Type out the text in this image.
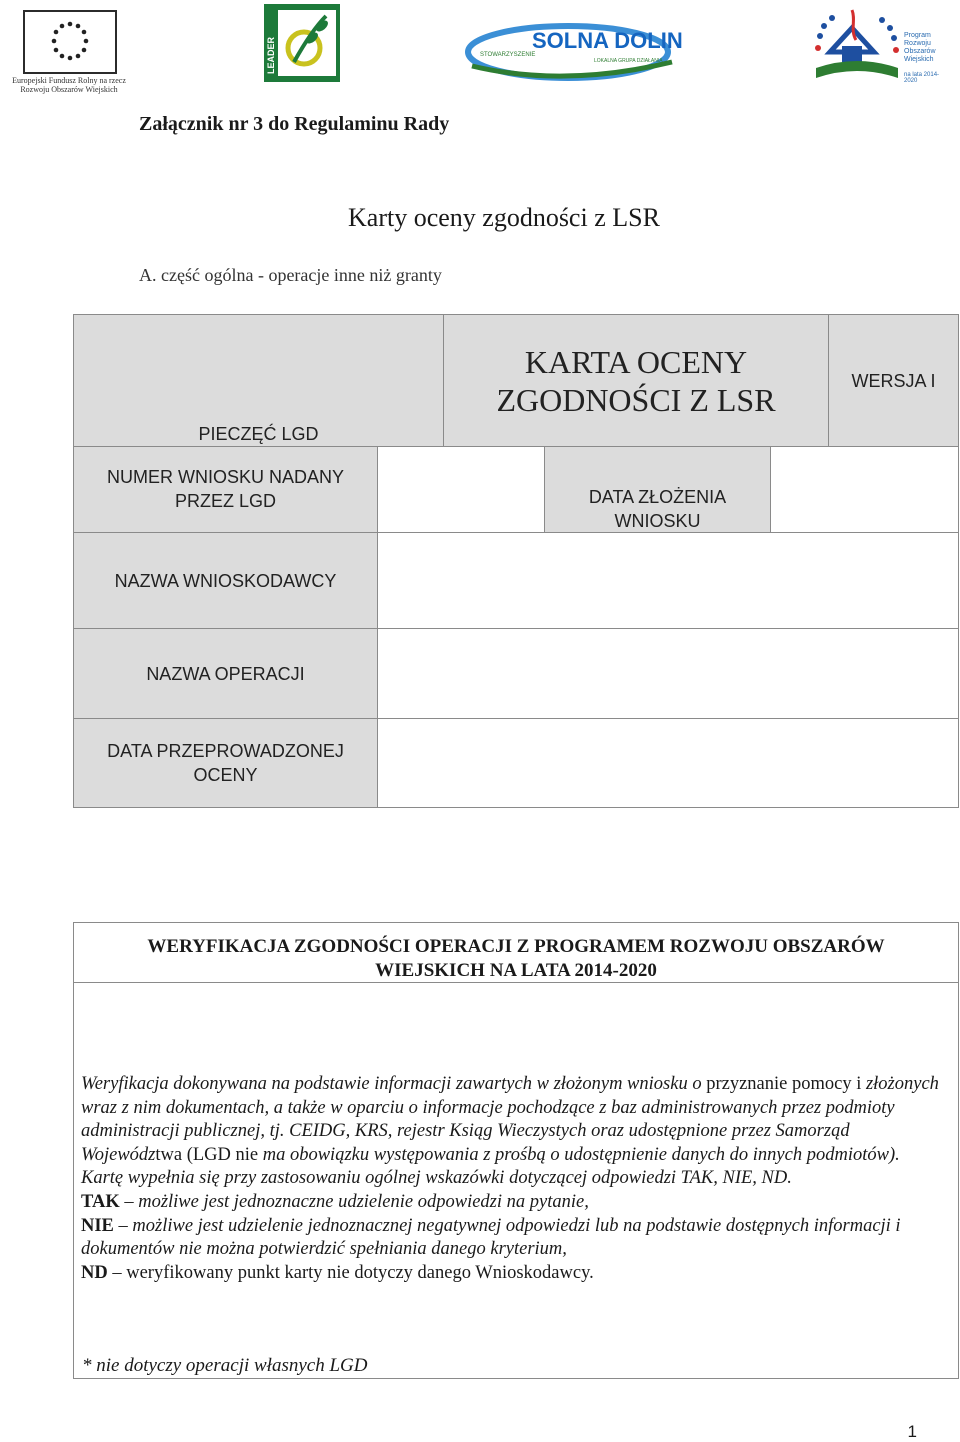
Europejski Fundusz Rolny na rzecz Rozwoju Obszarów Wiejskich
LEADER	STOWARZYSZENIE
SOLNA DOLINA
LOKALNA GRUPA DZIAŁANIA
Program Rozwoju Obszarów Wiejskich
na lata 2014-2020
Załącznik nr 3 do Regulaminu Rady
Karty oceny zgodności z LSR
A. część ogólna - operacje inne niż granty
PIECZĘĆ LGD
KARTA OCENY
ZGODNOŚCI Z LSR
WERSJA I
NUMER WNIOSKU NADANY
PRZEZ LGD	DATA ZŁOŻENIA
WNIOSKU
NAZWA WNIOSKODAWCY
NAZWA OPERACJI
DATA PRZEPROWADZONEJ
OCENY
WERYFIKACJA ZGODNOŚCI OPERACJI Z PROGRAMEM ROZWOJU OBSZARÓW
WIEJSKICH NA LATA 2014-2020

Weryfikacja dokonywana na podstawie informacji zawartych w złożonym wniosku o przyznanie pomocy i złożonych wraz z nim dokumentach, a także w oparciu o informacje pochodzące z baz administrowanych przez podmioty administracji publicznej, tj. CEIDG, KRS, rejestr Ksiąg Wieczystych oraz udostępnione przez Samorząd Województwa (LGD nie ma obowiązku występowania z prośbą o udostępnienie danych do innych podmiotów).

Kartę wypełnia się przy zastosowaniu ogólnej wskazówki dotyczącej odpowiedzi TAK, NIE, ND.

TAK – możliwe jest jednoznaczne udzielenie odpowiedzi na pytanie,

NIE – możliwe jest udzielenie jednoznacznej negatywnej odpowiedzi lub na podstawie dostępnych informacji i dokumentów nie można potwierdzić spełniania danego kryterium,

ND – weryfikowany punkt karty nie dotyczy danego Wnioskodawcy.

* nie dotyczy operacji własnych LGD
1
